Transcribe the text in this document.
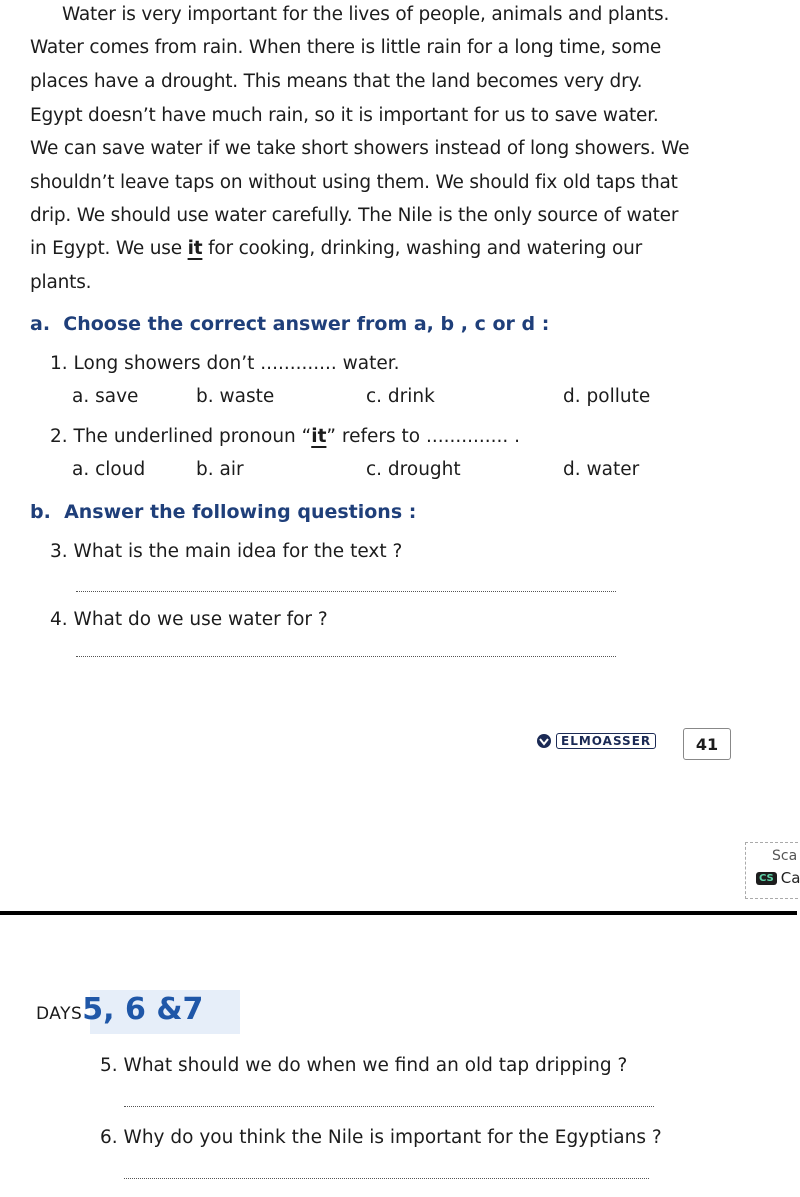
Water is very important for the lives of people, animals and plants.
Water comes from rain. When there is little rain for a long time, some
places have a drought. This means that the land becomes very dry.
Egypt doesn’t have much rain, so it is important for us to save water.
We can save water if we take short showers instead of long showers. We
shouldn’t leave taps on without using them. We should fix old taps that
drip. We should use water carefully. The Nile is the only source of water
in Egypt. We use it for cooking, drinking, washing and watering our
plants.
a. Choose the correct answer from a, b , c or d :
1. Long showers don’t ............. water.
a. save	b. waste	c. drink	d. pollute
2. The underlined pronoun “it” refers to .............. .
a. cloud	b. air	c. drought	d. water
b. Answer the following questions :
3. What is the main idea for the text ?
4. What do we use water for ?
ELMOASSER	41
Sca
CS Ca
DAYS 5, 6 &7
5. What should we do when we find an old tap dripping ?
6. Why do you think the Nile is important for the Egyptians ?
